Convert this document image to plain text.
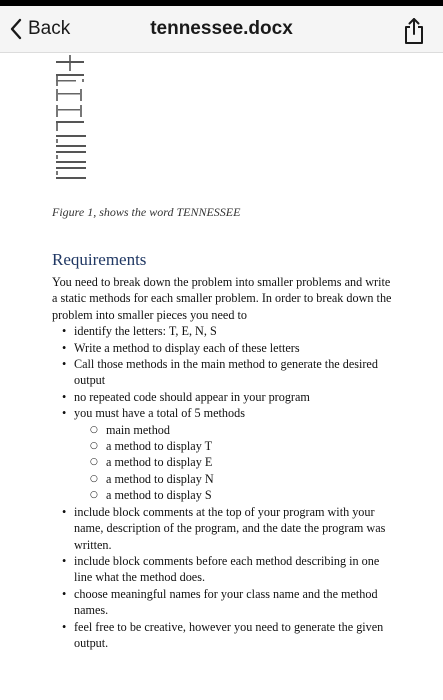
Back	tennessee.docx
Figure 1, shows the word TENNESSEE
Requirements

You need to break down the problem into smaller problems and write a static methods for each smaller problem. In order to break down the problem into smaller pieces you need to

• identify the letters: T, E, N, S
• Write a method to display each of these letters
• Call those methods in the main method to generate the desired output
• no repeated code should appear in your program
• you must have a total of 5 methods
○ main method
○ a method to display T
○ a method to display E
○ a method to display N
○ a method to display S
• include block comments at the top of your program with your name, description of the program, and the date the program was written.
• include block comments before each method describing in one line what the method does.
• choose meaningful names for your class name and the method names.
• feel free to be creative, however you need to generate the given output.
